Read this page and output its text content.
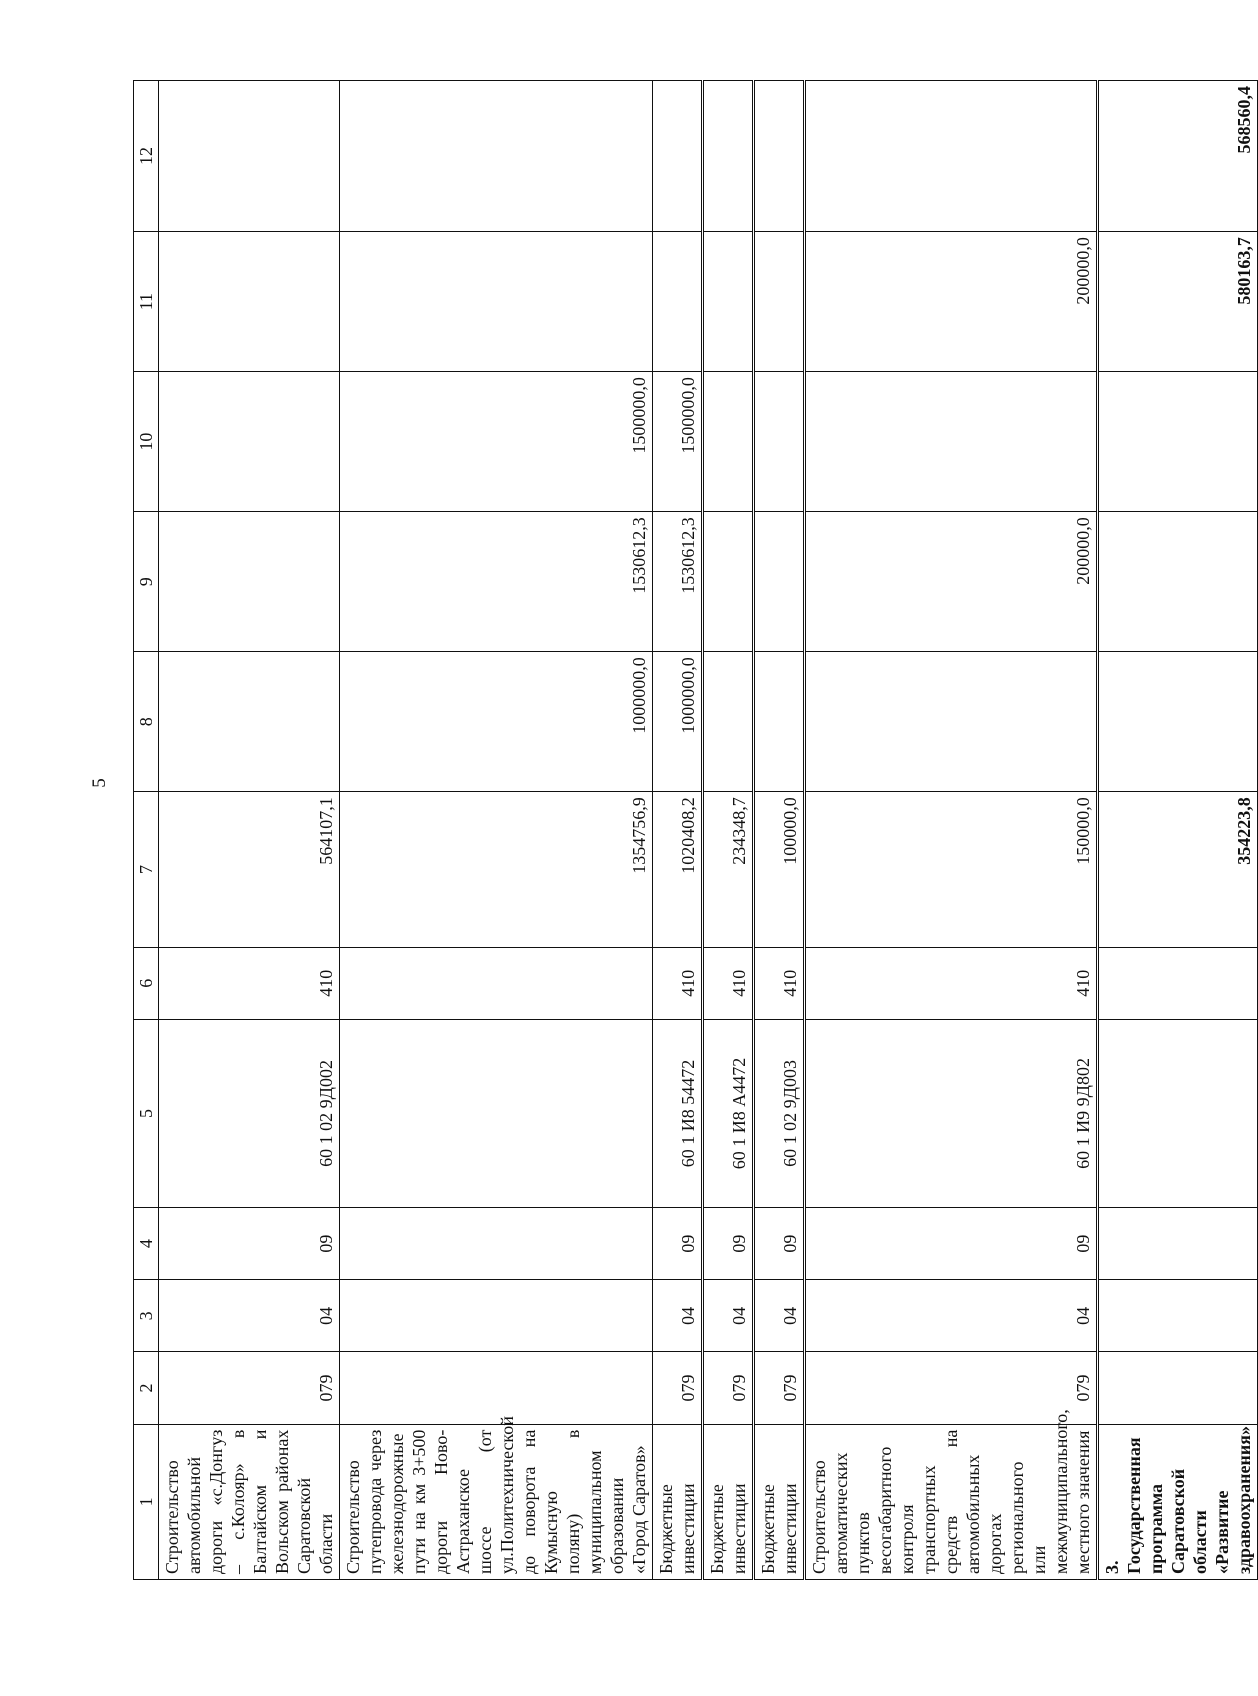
5
1	2	3	4	5	6	7	8	9	10	11	12
Строительство автомобильной дороги «с.Донгуз – с.Колояр» в Балтайском и Вольском районах Саратовской области	079	04	09	60 1 02 9Д002	410	564107,1					
Строительство путепровода через железнодорожные пути на км 3+500 дороги Ново-Астраханское шоссе (от ул.Политехнической до поворота на Кумысную поляну) в муниципальном образовании «Город Саратов»						1354756,9	1000000,0	1530612,3	1500000,0		
Бюджетные инвестиции	079	04	09	60 1 И8 54472	410	1020408,2	1000000,0	1530612,3	1500000,0		
Бюджетные инвестиции	079	04	09	60 1 И8 А4472	410	234348,7					
Бюджетные инвестиции	079	04	09	60 1 02 9Д003	410	100000,0					
Строительство автоматических пунктов весогабаритного контроля транспортных средств на автомобильных дорогах регионального или межмуниципального, местного значения	079	04	09	60 1 И9 9Д802	410	150000,0		200000,0		200000,0	
3. Государственная программа Саратовской области «Развитие здравоохранения»						354223,8				580163,7	568560,4
